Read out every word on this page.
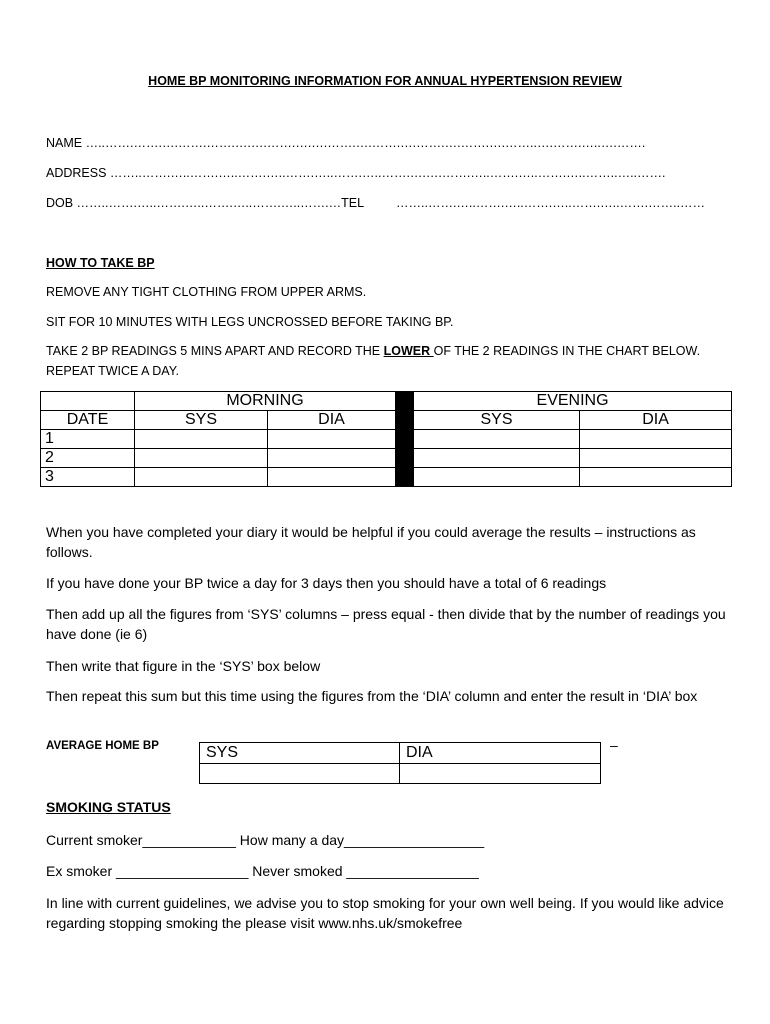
HOME BP MONITORING INFORMATION FOR ANNUAL HYPERTENSION REVIEW
NAME …..…….…….….…….…….….….…….….….…….….…….….…….….…….….……..….…….…..….…….
ADDRESS ……..…….…..…….…..…….…..…….…..…….…..…….….….…….…..…….…..…….…..……..…..…….
DOB ……..…….…..…….…..…….…..…….…..…….…TEL	……..…….…..…….…..…….…..…….…..…….……..……
HOW TO TAKE BP
REMOVE ANY TIGHT CLOTHING FROM UPPER ARMS.
SIT FOR 10 MINUTES WITH LEGS UNCROSSED BEFORE TAKING BP.
TAKE 2 BP READINGS 5 MINS APART AND RECORD THE LOWER OF THE 2 READINGS IN THE CHART BELOW. REPEAT TWICE A DAY.
	MORNING			EVENING	
DATE	SYS	DIA		SYS	DIA
1					
2					
3					
When you have completed your diary it would be helpful if you could average the results – instructions as follows.
If you have done your BP twice a day for 3 days then you should have a total of 6 readings
Then add up all the figures from ‘SYS’ columns – press equal - then divide that by the number of readings you have done (ie 6)
Then write that figure in the ‘SYS’ box below
Then repeat this sum but this time using the figures from the ‘DIA’ column and enter the result in ‘DIA’ box
AVERAGE HOME BP	SYS	DIA
		–
SMOKING STATUS
Current smoker____________ How many a day__________________
Ex smoker _________________ Never smoked _________________
In line with current guidelines, we advise you to stop smoking for your own well being. If you would like advice regarding stopping smoking the please visit www.nhs.uk/smokefree
